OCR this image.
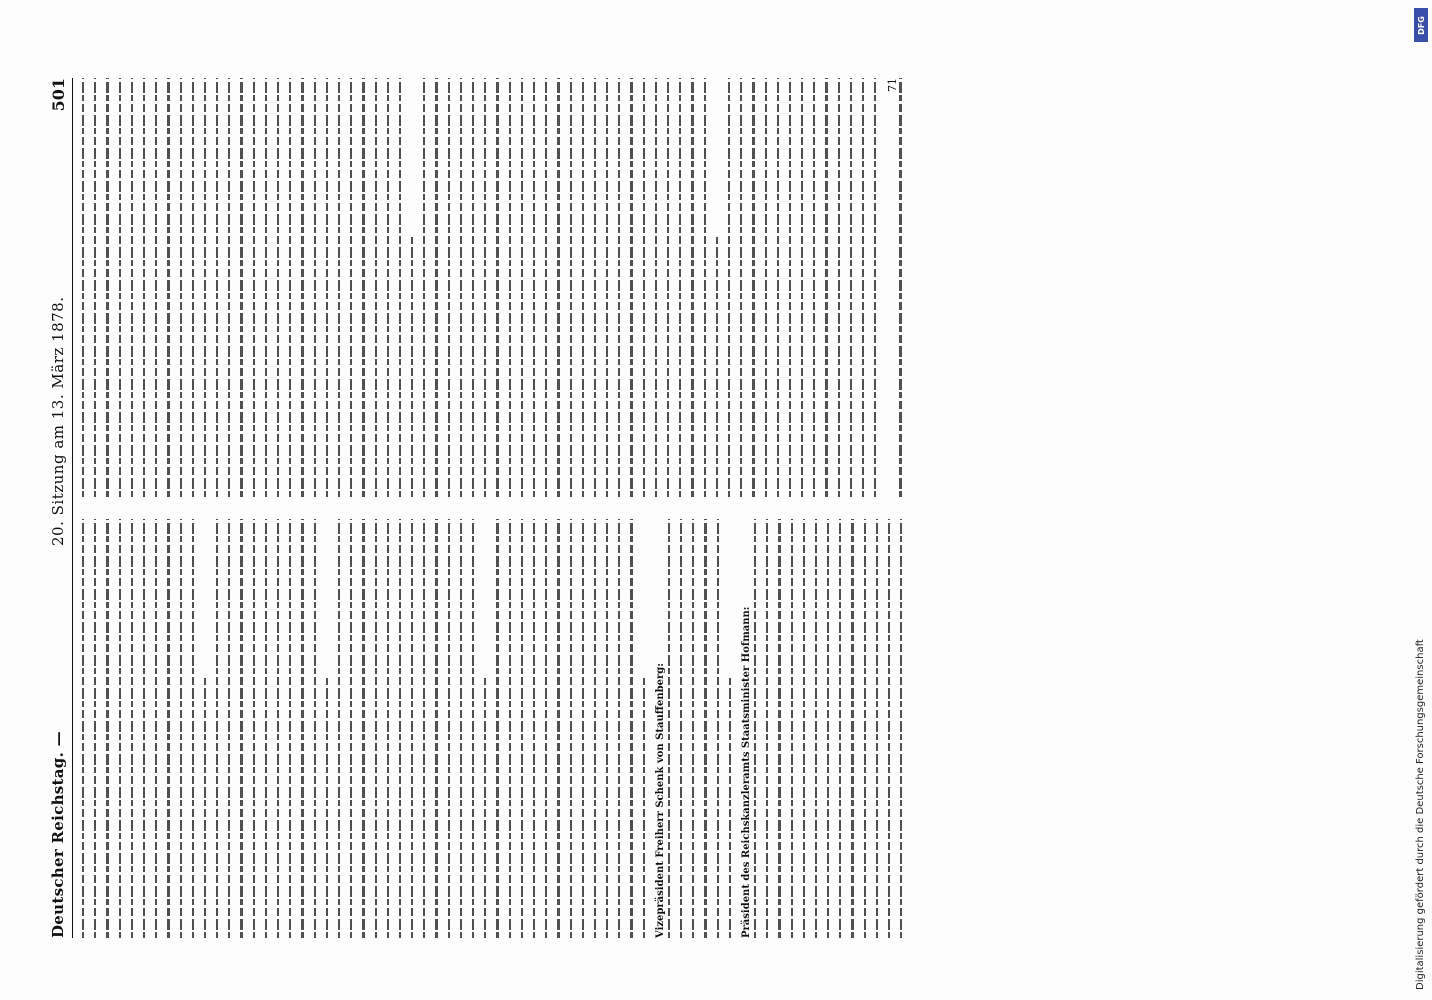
Deutscher Reichstag. —
20. Sitzung am 13. März 1878.
501
Vizepräsident Freiherr Schenk von Stauffenberg:	Präsident des Reichskanzleramts Staatsminister Hofmann:
71
DFG
Digitalisierung gefördert durch die Deutsche Forschungsgemeinschaft
